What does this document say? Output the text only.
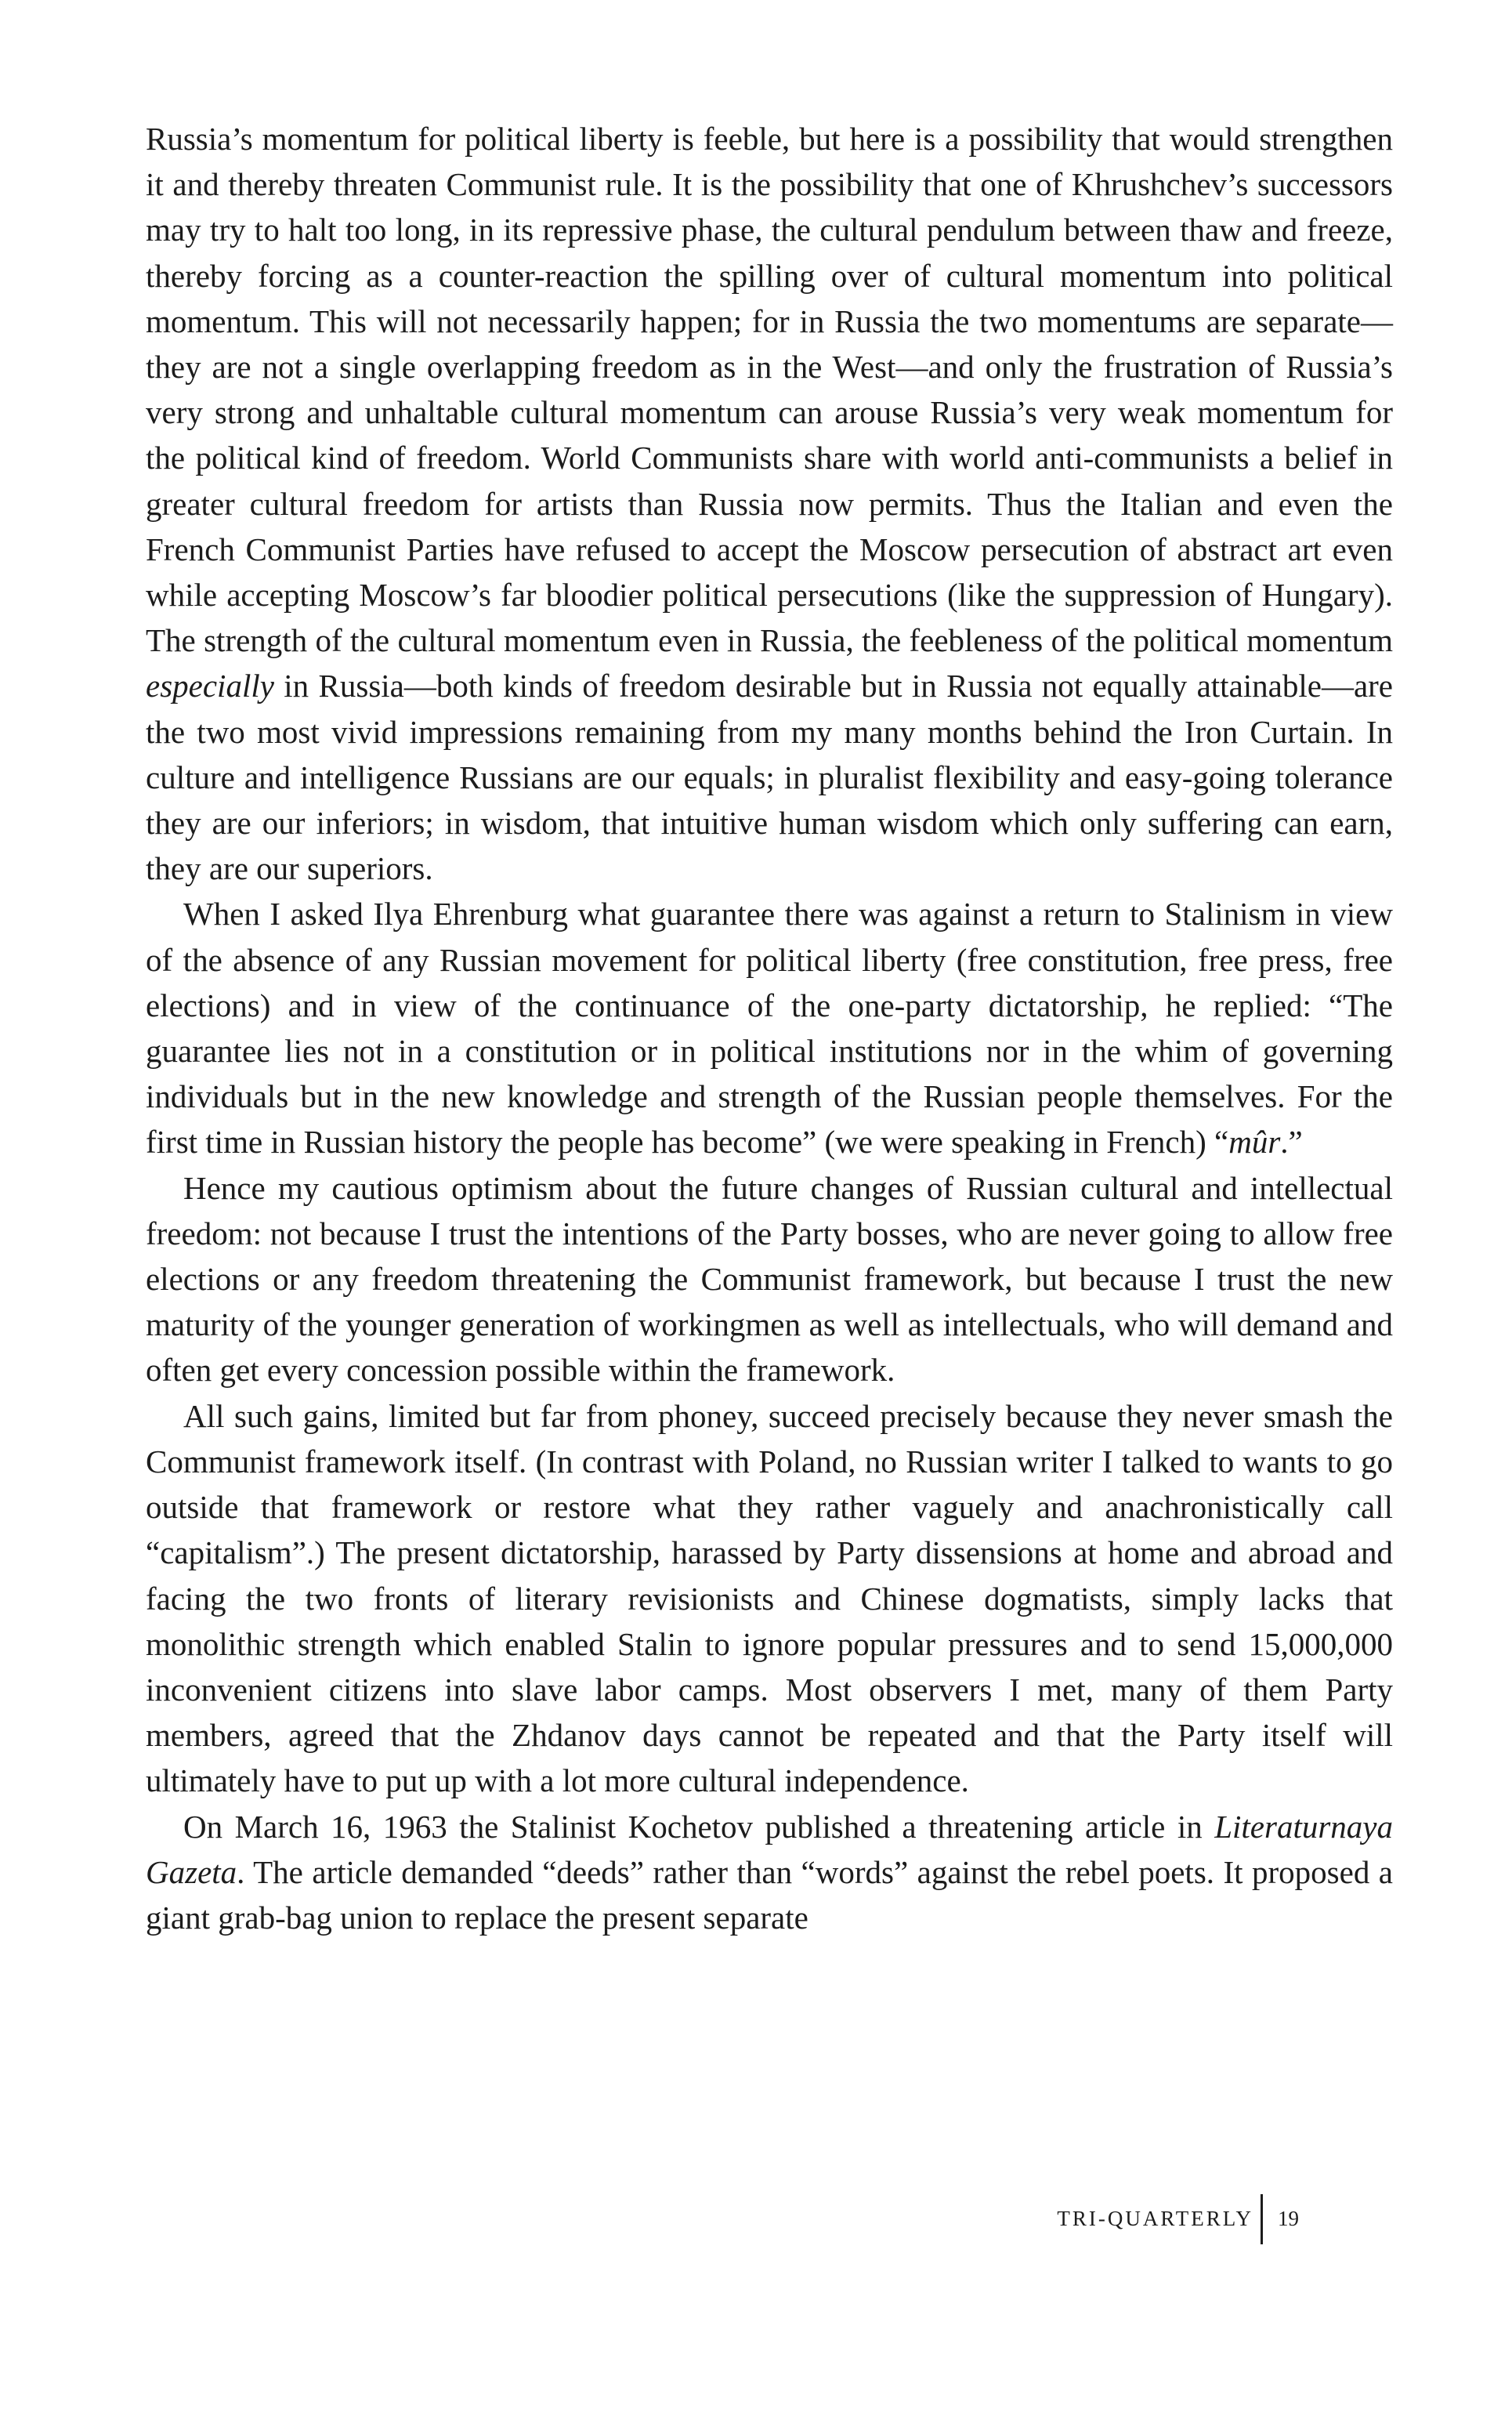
Russia’s momentum for political liberty is feeble, but here is a possibility that would strengthen it and thereby threaten Communist rule. It is the possibility that one of Khrushchev’s successors may try to halt too long, in its repressive phase, the cultural pendulum between thaw and freeze, thereby forcing as a counter-reaction the spilling over of cultural momentum into political momentum. This will not necessarily happen; for in Russia the two momentums are separate—they are not a single overlapping freedom as in the West—and only the frustration of Russia’s very strong and unhaltable cultural momentum can arouse Russia’s very weak momentum for the political kind of freedom. World Communists share with world anti-communists a belief in greater cultural freedom for artists than Russia now permits. Thus the Italian and even the French Communist Parties have refused to accept the Moscow persecution of abstract art even while accepting Moscow’s far bloodier political persecutions (like the suppression of Hungary). The strength of the cultural momentum even in Russia, the feebleness of the political momentum especially in Russia—both kinds of freedom desirable but in Russia not equally attainable—are the two most vivid impressions remaining from my many months behind the Iron Curtain. In culture and intelligence Russians are our equals; in pluralist flexibility and easy-going tolerance they are our inferiors; in wisdom, that intuitive human wisdom which only suffering can earn, they are our superiors.

When I asked Ilya Ehrenburg what guarantee there was against a return to Stalinism in view of the absence of any Russian movement for political liberty (free constitution, free press, free elections) and in view of the continuance of the one-party dictatorship, he replied: “The guarantee lies not in a constitution or in political institutions nor in the whim of governing individuals but in the new knowledge and strength of the Russian people themselves. For the first time in Russian history the people has become” (we were speaking in French) “mûr.”

Hence my cautious optimism about the future changes of Russian cultural and intellectual freedom: not because I trust the intentions of the Party bosses, who are never going to allow free elections or any freedom threatening the Communist framework, but because I trust the new maturity of the younger generation of workingmen as well as intellectuals, who will demand and often get every concession possible within the framework.

All such gains, limited but far from phoney, succeed precisely because they never smash the Communist framework itself. (In contrast with Poland, no Russian writer I talked to wants to go outside that framework or restore what they rather vaguely and anachronistically call “capitalism”.) The present dictatorship, harassed by Party dissensions at home and abroad and facing the two fronts of literary revisionists and Chinese dogmatists, simply lacks that monolithic strength which enabled Stalin to ignore popular pressures and to send 15,000,000 inconvenient citizens into slave labor camps. Most observers I met, many of them Party members, agreed that the Zhdanov days cannot be repeated and that the Party itself will ultimately have to put up with a lot more cultural independence.

On March 16, 1963 the Stalinist Kochetov published a threatening article in Literaturnaya Gazeta. The article demanded “deeds” rather than “words” against the rebel poets. It proposed a giant grab-bag union to replace the present separate

TRI-QUARTERLY 19
